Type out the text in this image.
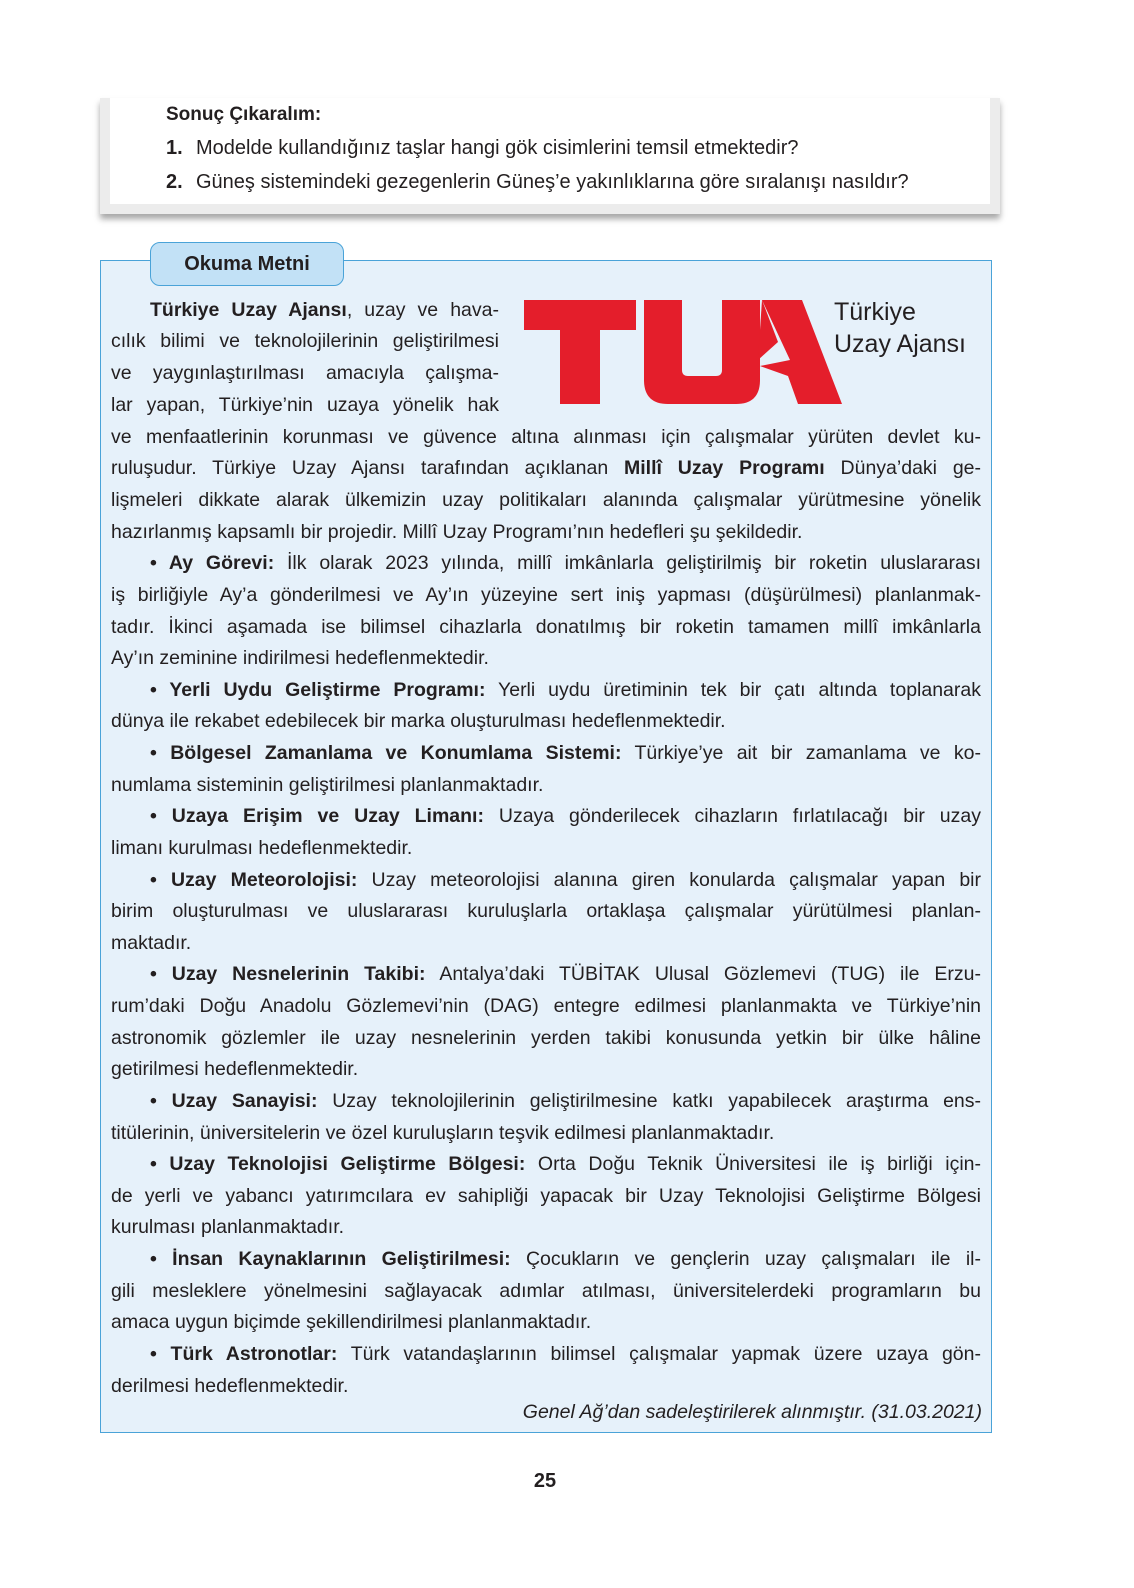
Sonuç Çıkaralım:
1. Modelde kullandığınız taşlar hangi gök cisimlerini temsil etmektedir?
2. Güneş sistemindeki gezegenlerin Güneş’e yakınlıklarına göre sıralanışı nasıldır?
Okuma Metni
Türkiye
Uzay Ajansı
Türkiye Uzay Ajansı, uzay ve hava-
cılık bilimi ve teknolojilerinin geliştirilmesi
ve yaygınlaştırılması amacıyla çalışma-
lar yapan, Türkiye’nin uzaya yönelik hak
ve menfaatlerinin korunması ve güvence altına alınması için çalışmalar yürüten devlet ku-
ruluşudur. Türkiye Uzay Ajansı tarafından açıklanan Millî Uzay Programı Dünya’daki ge-
lişmeleri dikkate alarak ülkemizin uzay politikaları alanında çalışmalar yürütmesine yönelik
hazırlanmış kapsamlı bir projedir. Millî Uzay Programı’nın hedefleri şu şekildedir.
• Ay Görevi: İlk olarak 2023 yılında, millî imkânlarla geliştirilmiş bir roketin uluslararası
iş birliğiyle Ay’a gönderilmesi ve Ay’ın yüzeyine sert iniş yapması (düşürülmesi) planlanmak-
tadır. İkinci aşamada ise bilimsel cihazlarla donatılmış bir roketin tamamen millî imkânlarla
Ay’ın zeminine indirilmesi hedeflenmektedir.
• Yerli Uydu Geliştirme Programı: Yerli uydu üretiminin tek bir çatı altında toplanarak
dünya ile rekabet edebilecek bir marka oluşturulması hedeflenmektedir.
• Bölgesel Zamanlama ve Konumlama Sistemi: Türkiye’ye ait bir zamanlama ve ko-
numlama sisteminin geliştirilmesi planlanmaktadır.
• Uzaya Erişim ve Uzay Limanı: Uzaya gönderilecek cihazların fırlatılacağı bir uzay
limanı kurulması hedeflenmektedir.
• Uzay Meteorolojisi: Uzay meteorolojisi alanına giren konularda çalışmalar yapan bir
birim oluşturulması ve uluslararası kuruluşlarla ortaklaşa çalışmalar yürütülmesi planlan-
maktadır.
• Uzay Nesnelerinin Takibi: Antalya’daki TÜBİTAK Ulusal Gözlemevi (TUG) ile Erzu-
rum’daki Doğu Anadolu Gözlemevi’nin (DAG) entegre edilmesi planlanmakta ve Türkiye’nin
astronomik gözlemler ile uzay nesnelerinin yerden takibi konusunda yetkin bir ülke hâline
getirilmesi hedeflenmektedir.
• Uzay Sanayisi: Uzay teknolojilerinin geliştirilmesine katkı yapabilecek araştırma ens-
titülerinin, üniversitelerin ve özel kuruluşların teşvik edilmesi planlanmaktadır.
• Uzay Teknolojisi Geliştirme Bölgesi: Orta Doğu Teknik Üniversitesi ile iş birliği için-
de yerli ve yabancı yatırımcılara ev sahipliği yapacak bir Uzay Teknolojisi Geliştirme Bölgesi
kurulması planlanmaktadır.
• İnsan Kaynaklarının Geliştirilmesi: Çocukların ve gençlerin uzay çalışmaları ile il-
gili mesleklere yönelmesini sağlayacak adımlar atılması, üniversitelerdeki programların bu
amaca uygun biçimde şekillendirilmesi planlanmaktadır.
• Türk Astronotlar: Türk vatandaşlarının bilimsel çalışmalar yapmak üzere uzaya gön-
derilmesi hedeflenmektedir.
Genel Ağ’dan sadeleştirilerek alınmıştır. (31.03.2021)
25
